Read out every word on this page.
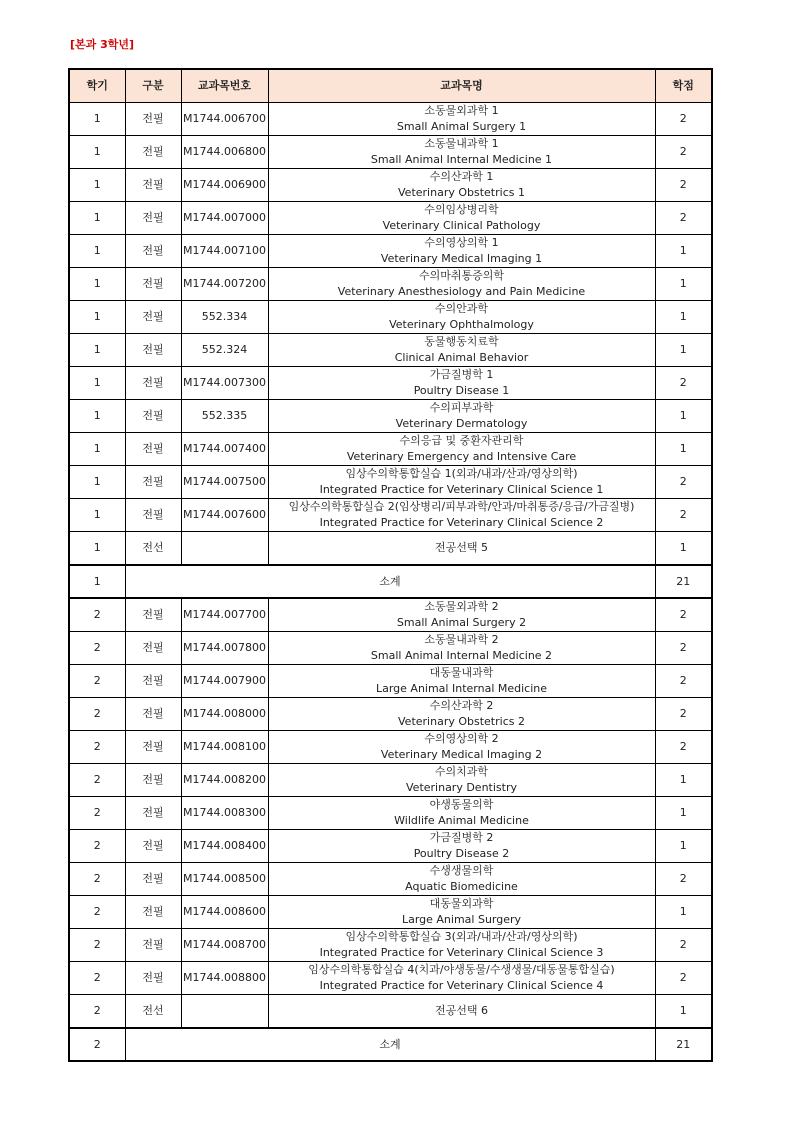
[본과 3학년]
학기	구분	교과목번호	교과목명	학점
1	전필	M1744.006700	소동물외과학 1
Small Animal Surgery 1	2
1	전필	M1744.006800	소동물내과학 1
Small Animal Internal Medicine 1	2
1	전필	M1744.006900	수의산과학 1
Veterinary Obstetrics 1	2
1	전필	M1744.007000	수의임상병리학
Veterinary Clinical Pathology	2
1	전필	M1744.007100	수의영상의학 1
Veterinary Medical Imaging 1	1
1	전필	M1744.007200	수의마취통증의학
Veterinary Anesthesiology and Pain Medicine	1
1	전필	552.334	수의안과학
Veterinary Ophthalmology	1
1	전필	552.324	동물행동치료학
Clinical Animal Behavior	1
1	전필	M1744.007300	가금질병학 1
Poultry Disease 1	2
1	전필	552.335	수의피부과학
Veterinary Dermatology	1
1	전필	M1744.007400	수의응급 및 중환자관리학
Veterinary Emergency and Intensive Care	1
1	전필	M1744.007500	임상수의학통합실습 1(외과/내과/산과/영상의학)
Integrated Practice for Veterinary Clinical Science 1	2
1	전필	M1744.007600	임상수의학통합실습 2(임상병리/피부과학/안과/마취통증/응급/가금질병)
Integrated Practice for Veterinary Clinical Science 2	2
1	전선		전공선택 5	1
1	소계			21
2	전필	M1744.007700	소동물외과학 2
Small Animal Surgery 2	2
2	전필	M1744.007800	소동물내과학 2
Small Animal Internal Medicine 2	2
2	전필	M1744.007900	대동물내과학
Large Animal Internal Medicine	2
2	전필	M1744.008000	수의산과학 2
Veterinary Obstetrics 2	2
2	전필	M1744.008100	수의영상의학 2
Veterinary Medical Imaging 2	2
2	전필	M1744.008200	수의치과학
Veterinary Dentistry	1
2	전필	M1744.008300	야생동물의학
Wildlife Animal Medicine	1
2	전필	M1744.008400	가금질병학 2
Poultry Disease 2	1
2	전필	M1744.008500	수생생물의학
Aquatic Biomedicine	2
2	전필	M1744.008600	대동물외과학
Large Animal Surgery	1
2	전필	M1744.008700	임상수의학통합실습 3(외과/내과/산과/영상의학)
Integrated Practice for Veterinary Clinical Science 3	2
2	전필	M1744.008800	임상수의학통합실습 4(치과/야생동물/수생생물/대동물통합실습)
Integrated Practice for Veterinary Clinical Science 4	2
2	전선		전공선택 6	1
2	소계			21
